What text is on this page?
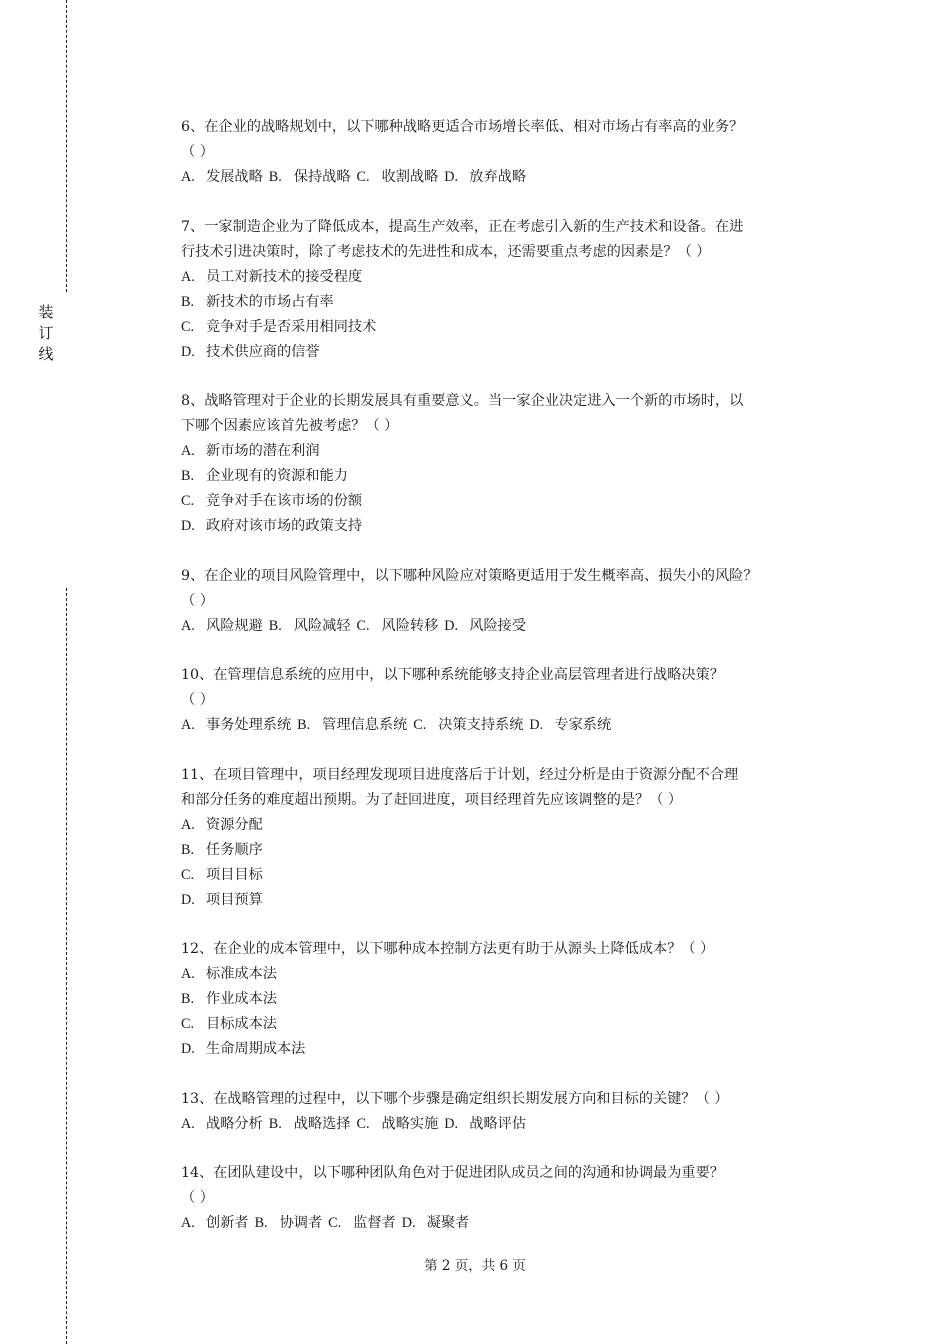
装
订
线
6、在企业的战略规划中，以下哪种战略更适合市场增长率低、相对市场占有率高的业务？
（ ）
A. 发展战略 B. 保持战略 C. 收割战略 D. 放弃战略
7、一家制造企业为了降低成本，提高生产效率，正在考虑引入新的生产技术和设备。在进
行技术引进决策时，除了考虑技术的先进性和成本，还需要重点考虑的因素是？（ ）
A. 员工对新技术的接受程度
B. 新技术的市场占有率
C. 竞争对手是否采用相同技术
D. 技术供应商的信誉
8、战略管理对于企业的长期发展具有重要意义。当一家企业决定进入一个新的市场时，以
下哪个因素应该首先被考虑？（ ）
A. 新市场的潜在利润
B. 企业现有的资源和能力
C. 竞争对手在该市场的份额
D. 政府对该市场的政策支持
9、在企业的项目风险管理中，以下哪种风险应对策略更适用于发生概率高、损失小的风险？
（ ）
A. 风险规避 B. 风险减轻 C. 风险转移 D. 风险接受
10、在管理信息系统的应用中，以下哪种系统能够支持企业高层管理者进行战略决策？
（ ）
A. 事务处理系统 B. 管理信息系统 C. 决策支持系统 D. 专家系统
11、在项目管理中，项目经理发现项目进度落后于计划，经过分析是由于资源分配不合理
和部分任务的难度超出预期。为了赶回进度，项目经理首先应该调整的是？（ ）
A. 资源分配
B. 任务顺序
C. 项目目标
D. 项目预算
12、在企业的成本管理中，以下哪种成本控制方法更有助于从源头上降低成本？（ ）
A. 标准成本法
B. 作业成本法
C. 目标成本法
D. 生命周期成本法
13、在战略管理的过程中，以下哪个步骤是确定组织长期发展方向和目标的关键？（ ）
A. 战略分析 B. 战略选择 C. 战略实施 D. 战略评估
14、在团队建设中，以下哪种团队角色对于促进团队成员之间的沟通和协调最为重要？
（ ）
A. 创新者 B. 协调者 C. 监督者 D. 凝聚者
第 2 页，共 6 页
